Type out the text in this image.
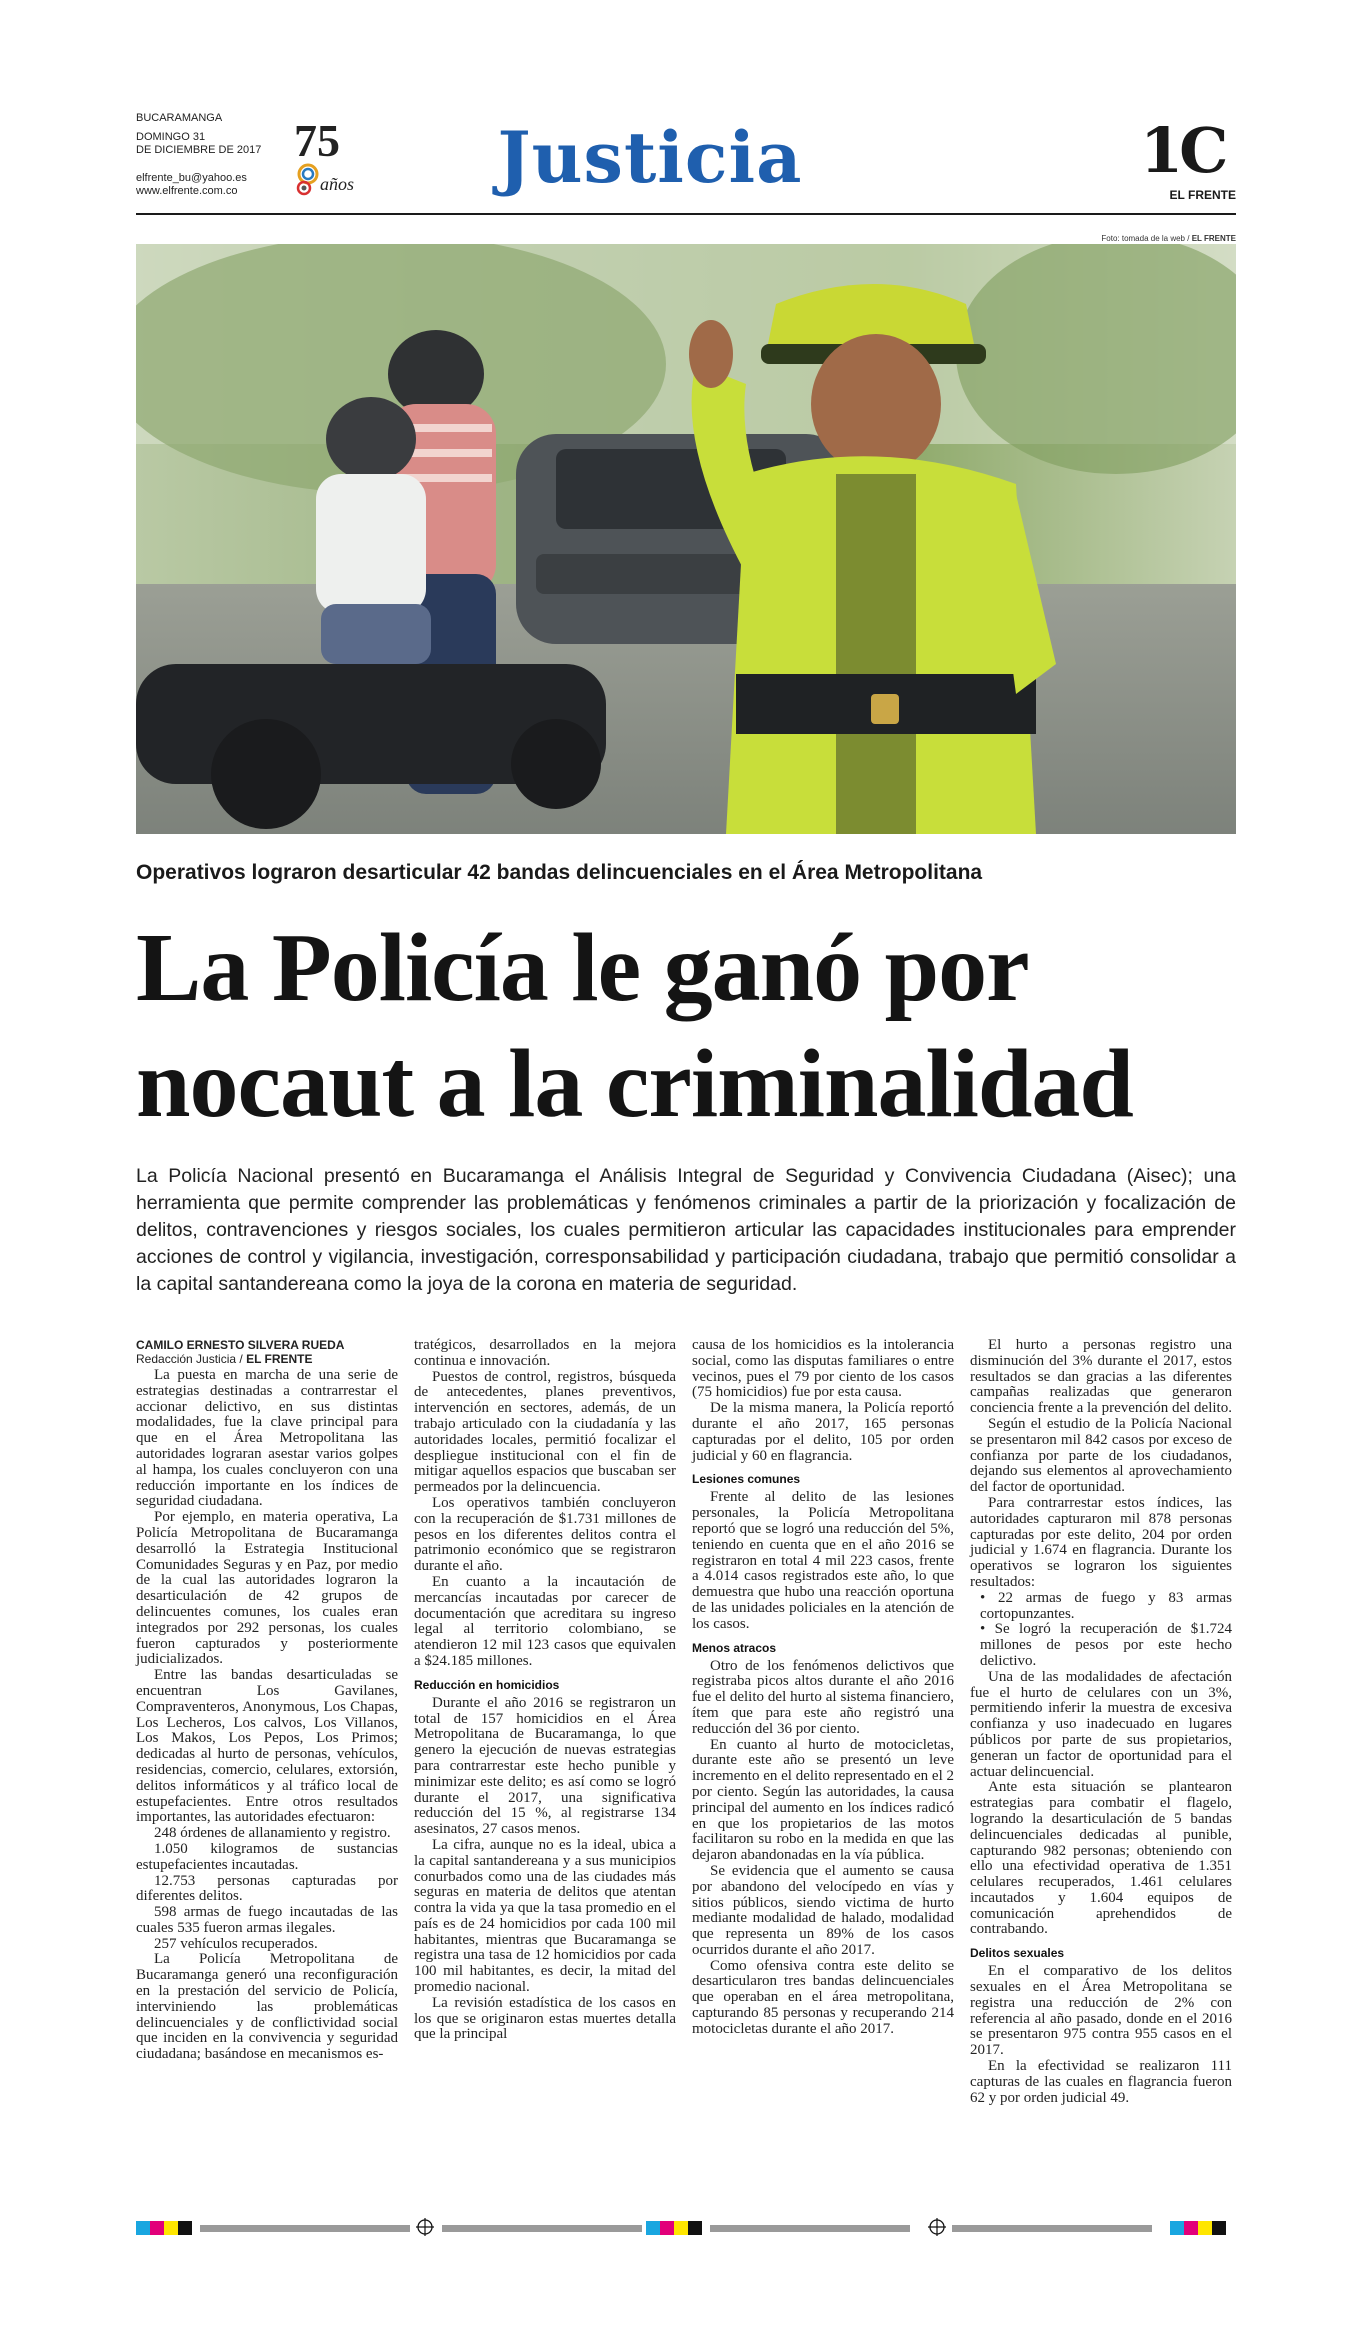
BUCARAMANGA
DOMINGO 31
DE DICIEMBRE DE 2017
elfrente_bu@yahoo.es
www.elfrente.com.co
75
años	Justicia	1C
EL FRENTE
Foto: tomada de la web / EL FRENTE
Operativos lograron desarticular 42 bandas delincuenciales en el Área Metropolitana
La Policía le ganó por
nocaut a la criminalidad
La Policía Nacional presentó en Bucaramanga el Análisis Integral de Seguridad y Convivencia Ciudadana (Aisec); una herramienta que permite comprender las problemáticas y fenómenos criminales a partir de la priorización y focalización de delitos, contravenciones y riesgos sociales, los cuales permitieron articular las capacidades institucionales para emprender acciones de control y vigilancia, investigación, corresponsabilidad y participación ciudadana, trabajo que permitió consolidar a la capital santandereana como la joya de la corona en materia de seguridad.
CAMILO ERNESTO SILVERA RUEDA
Redacción Justicia / EL FRENTE

La puesta en marcha de una serie de estrategias destinadas a contrarrestar el accionar delictivo, en sus distintas modalidades, fue la clave principal para que en el Área Metropolitana las autoridades lograran asestar varios golpes al hampa, los cuales concluyeron con una reducción importante en los índices de seguridad ciudadana.

Por ejemplo, en materia operativa, La Policía Metropolitana de Bucaramanga desarrolló la Estrategia Institucional Comunidades Seguras y en Paz, por medio de la cual las autoridades lograron la desarticulación de 42 grupos de delincuentes comunes, los cuales eran integrados por 292 personas, los cuales fueron capturados y posteriormente judicializados.

Entre las bandas desarticuladas se encuentran Los Gavilanes, Compraventeros, Anonymous, Los Chapas, Los Lecheros, Los calvos, Los Villanos, Los Makos, Los Pepos, Los Primos; dedicadas al hurto de personas, vehículos, residencias, comercio, celulares, extorsión, delitos informáticos y al tráfico local de estupefacientes. Entre otros resultados importantes, las autoridades efectuaron:

248 órdenes de allanamiento y registro.

1.050 kilogramos de sustancias estupefacientes incautadas.

12.753 personas capturadas por diferentes delitos.

598 armas de fuego incautadas de las cuales 535 fueron armas ilegales.

257 vehículos recuperados.

La Policía Metropolitana de Bucaramanga generó una reconfiguración en la prestación del servicio de Policía, interviniendo las problemáticas delincuenciales y de conflictividad social que inciden en la convivencia y seguridad ciudadana; basándose en mecanismos es-

tratégicos, desarrollados en la mejora continua e innovación.

Puestos de control, registros, búsqueda de antecedentes, planes preventivos, intervención en sectores, además, de un trabajo articulado con la ciudadanía y las autoridades locales, permitió focalizar el despliegue institucional con el fin de mitigar aquellos espacios que buscaban ser permeados por la delincuencia.

Los operativos también concluyeron con la recuperación de $1.731 millones de pesos en los diferentes delitos contra el patrimonio económico que se registraron durante el año.

En cuanto a la incautación de mercancías incautadas por carecer de documentación que acreditara su ingreso legal al territorio colombiano, se atendieron 12 mil 123 casos que equivalen a $24.185 millones.

Reducción en homicidios

Durante el año 2016 se registraron un total de 157 homicidios en el Área Metropolitana de Bucaramanga, lo que genero la ejecución de nuevas estrategias para contrarrestar este hecho punible y minimizar este delito; es así como se logró durante el 2017, una significativa reducción del 15 %, al registrarse 134 asesinatos, 27 casos menos.

La cifra, aunque no es la ideal, ubica a la capital santandereana y a sus municipios conurbados como una de las ciudades más seguras en materia de delitos que atentan contra la vida ya que la tasa promedio en el país es de 24 homicidios por cada 100 mil habitantes, mientras que Bucaramanga se registra una tasa de 12 homicidios por cada 100 mil habitantes, es decir, la mitad del promedio nacional.

La revisión estadística de los casos en los que se originaron estas muertes detalla que la principal

causa de los homicidios es la intolerancia social, como las disputas familiares o entre vecinos, pues el 79 por ciento de los casos (75 homicidios) fue por esta causa.

De la misma manera, la Policía reportó durante el año 2017, 165 personas capturadas por el delito, 105 por orden judicial y 60 en flagrancia.

Lesiones comunes

Frente al delito de las lesiones personales, la Policía Metropolitana reportó que se logró una reducción del 5%, teniendo en cuenta que en el año 2016 se registraron en total 4 mil 223 casos, frente a 4.014 casos registrados este año, lo que demuestra que hubo una reacción oportuna de las unidades policiales en la atención de los casos.

Menos atracos

Otro de los fenómenos delictivos que registraba picos altos durante el año 2016 fue el delito del hurto al sistema financiero, ítem que para este año registró una reducción del 36 por ciento.

En cuanto al hurto de motocicletas, durante este año se presentó un leve incremento en el delito representado en el 2 por ciento. Según las autoridades, la causa principal del aumento en los índices radicó en que los propietarios de las motos facilitaron su robo en la medida en que las dejaron abandonadas en la vía pública.

Se evidencia que el aumento se causa por abandono del velocípedo en vías y sitios públicos, siendo victima de hurto mediante modalidad de halado, modalidad que representa un 89% de los casos ocurridos durante el año 2017.

Como ofensiva contra este delito se desarticularon tres bandas delincuenciales que operaban en el área metropolitana, capturando 85 personas y recuperando 214 motocicletas durante el año 2017.

El hurto a personas registro una disminución del 3% durante el 2017, estos resultados se dan gracias a las diferentes campañas realizadas que generaron conciencia frente a la prevención del delito.

Según el estudio de la Policía Nacional se presentaron mil 842 casos por exceso de confianza por parte de los ciudadanos, dejando sus elementos al aprovechamiento del factor de oportunidad.

Para contrarrestar estos índices, las autoridades capturaron mil 878 personas capturadas por este delito, 204 por orden judicial y 1.674 en flagrancia. Durante los operativos se lograron los siguientes resultados:

• 22 armas de fuego y 83 armas cortopunzantes.

• Se logró la recuperación de $1.724 millones de pesos por este hecho delictivo.

Una de las modalidades de afectación fue el hurto de celulares con un 3%, permitiendo inferir la muestra de excesiva confianza y uso inadecuado en lugares públicos por parte de sus propietarios, generan un factor de oportunidad para el actuar delincuencial.

Ante esta situación se plantearon estrategias para combatir el flagelo, logrando la desarticulación de 5 bandas delincuenciales dedicadas al punible, capturando 982 personas; obteniendo con ello una efectividad operativa de 1.351 celulares recuperados, 1.461 celulares incautados y 1.604 equipos de comunicación aprehendidos de contrabando.

Delitos sexuales

En el comparativo de los delitos sexuales en el Área Metropolitana se registra una reducción de 2% con referencia al año pasado, donde en el 2016 se presentaron 975 contra 955 casos en el 2017.

En la efectividad se realizaron 111 capturas de las cuales en flagrancia fueron 62 y por orden judicial 49.
